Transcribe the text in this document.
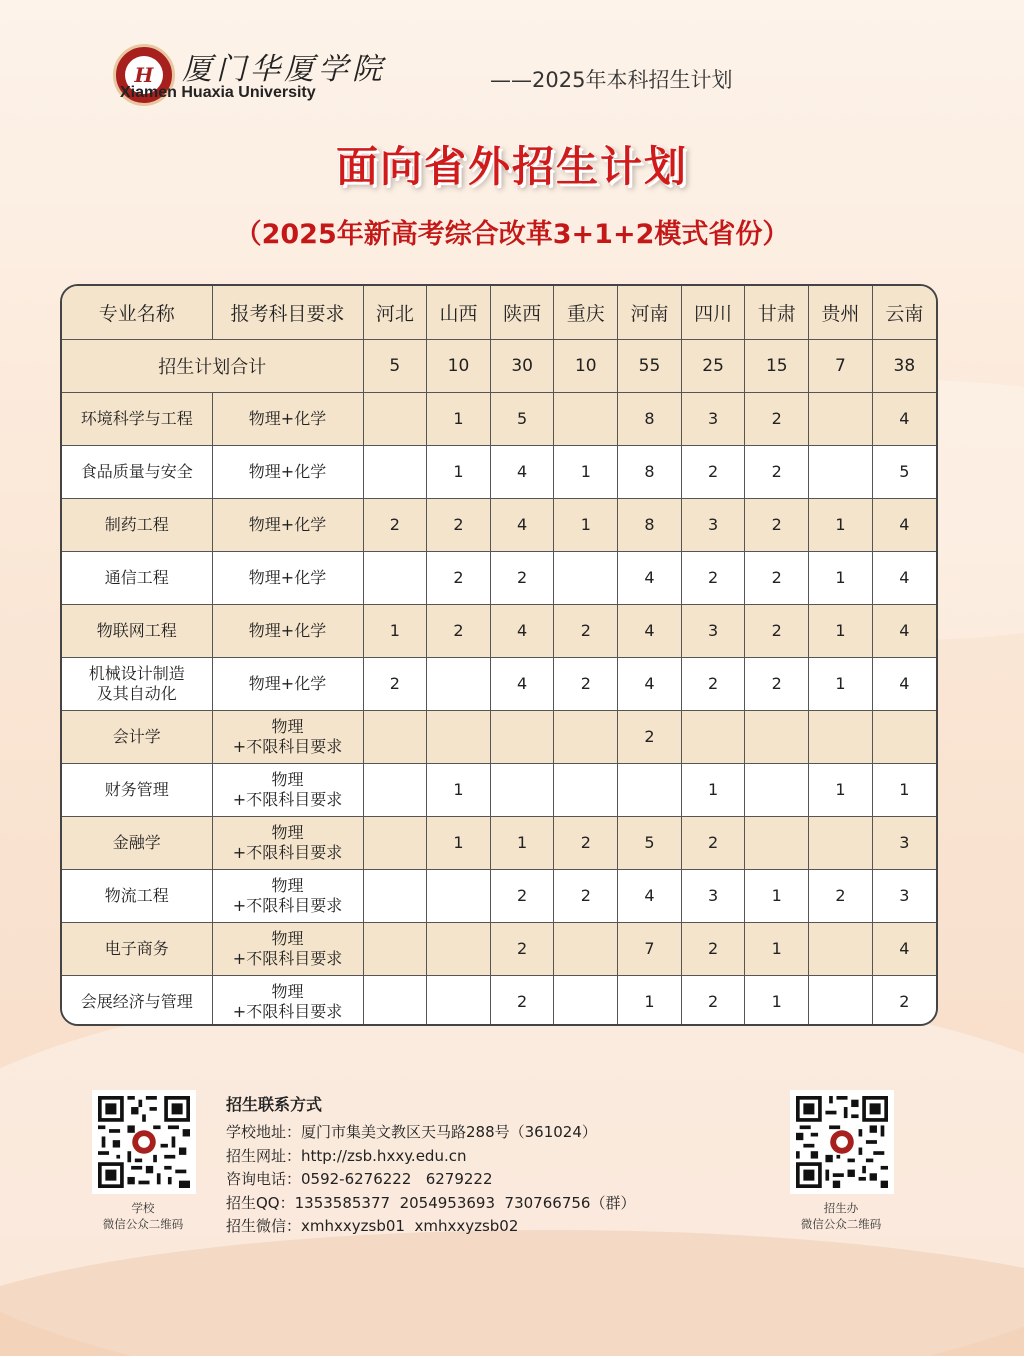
H 厦门华厦学院
Xiamen Huaxia University
——2025年本科招生计划
面向省外招生计划
（2025年新高考综合改革3+1+2模式省份）
专业名称	报考科目要求	河北	山西	陕西	重庆	河南	四川	甘肃	贵州	云南
招生计划合计		5	10	30	10	55	25	15	7	38

环境科学与工程	物理+化学		1	5		8	3	2		4

食品质量与安全	物理+化学		1	4	1	8	2	2		5

制药工程	物理+化学	2	2	4	1	8	3	2	1	4

通信工程	物理+化学		2	2		4	2	2	1	4

物联网工程	物理+化学	1	2	4	2	4	3	2	1	4

机械设计制造
及其自动化	物理+化学	2		4	2	4	2	2	1	4

会计学	物理
+不限科目要求					2				

财务管理	物理
+不限科目要求		1				1		1	1

金融学	物理
+不限科目要求		1	1	2	5	2			3

物流工程	物理
+不限科目要求			2	2	4	3	1	2	3

电子商务	物理
+不限科目要求			2		7	2	1		4

会展经济与管理	物理
+不限科目要求			2		1	2	1		2
学校
微信公众二维码
招生联系方式
学校地址：厦门市集美文教区天马路288号（361024）
招生网址：http://zsb.hxxy.edu.cn
咨询电话：0592-6276222   6279222
招生QQ：1353585377  2054953693  730766756（群）
招生微信：xmhxxyzsb01  xmhxxyzsb02
招生办
微信公众二维码
